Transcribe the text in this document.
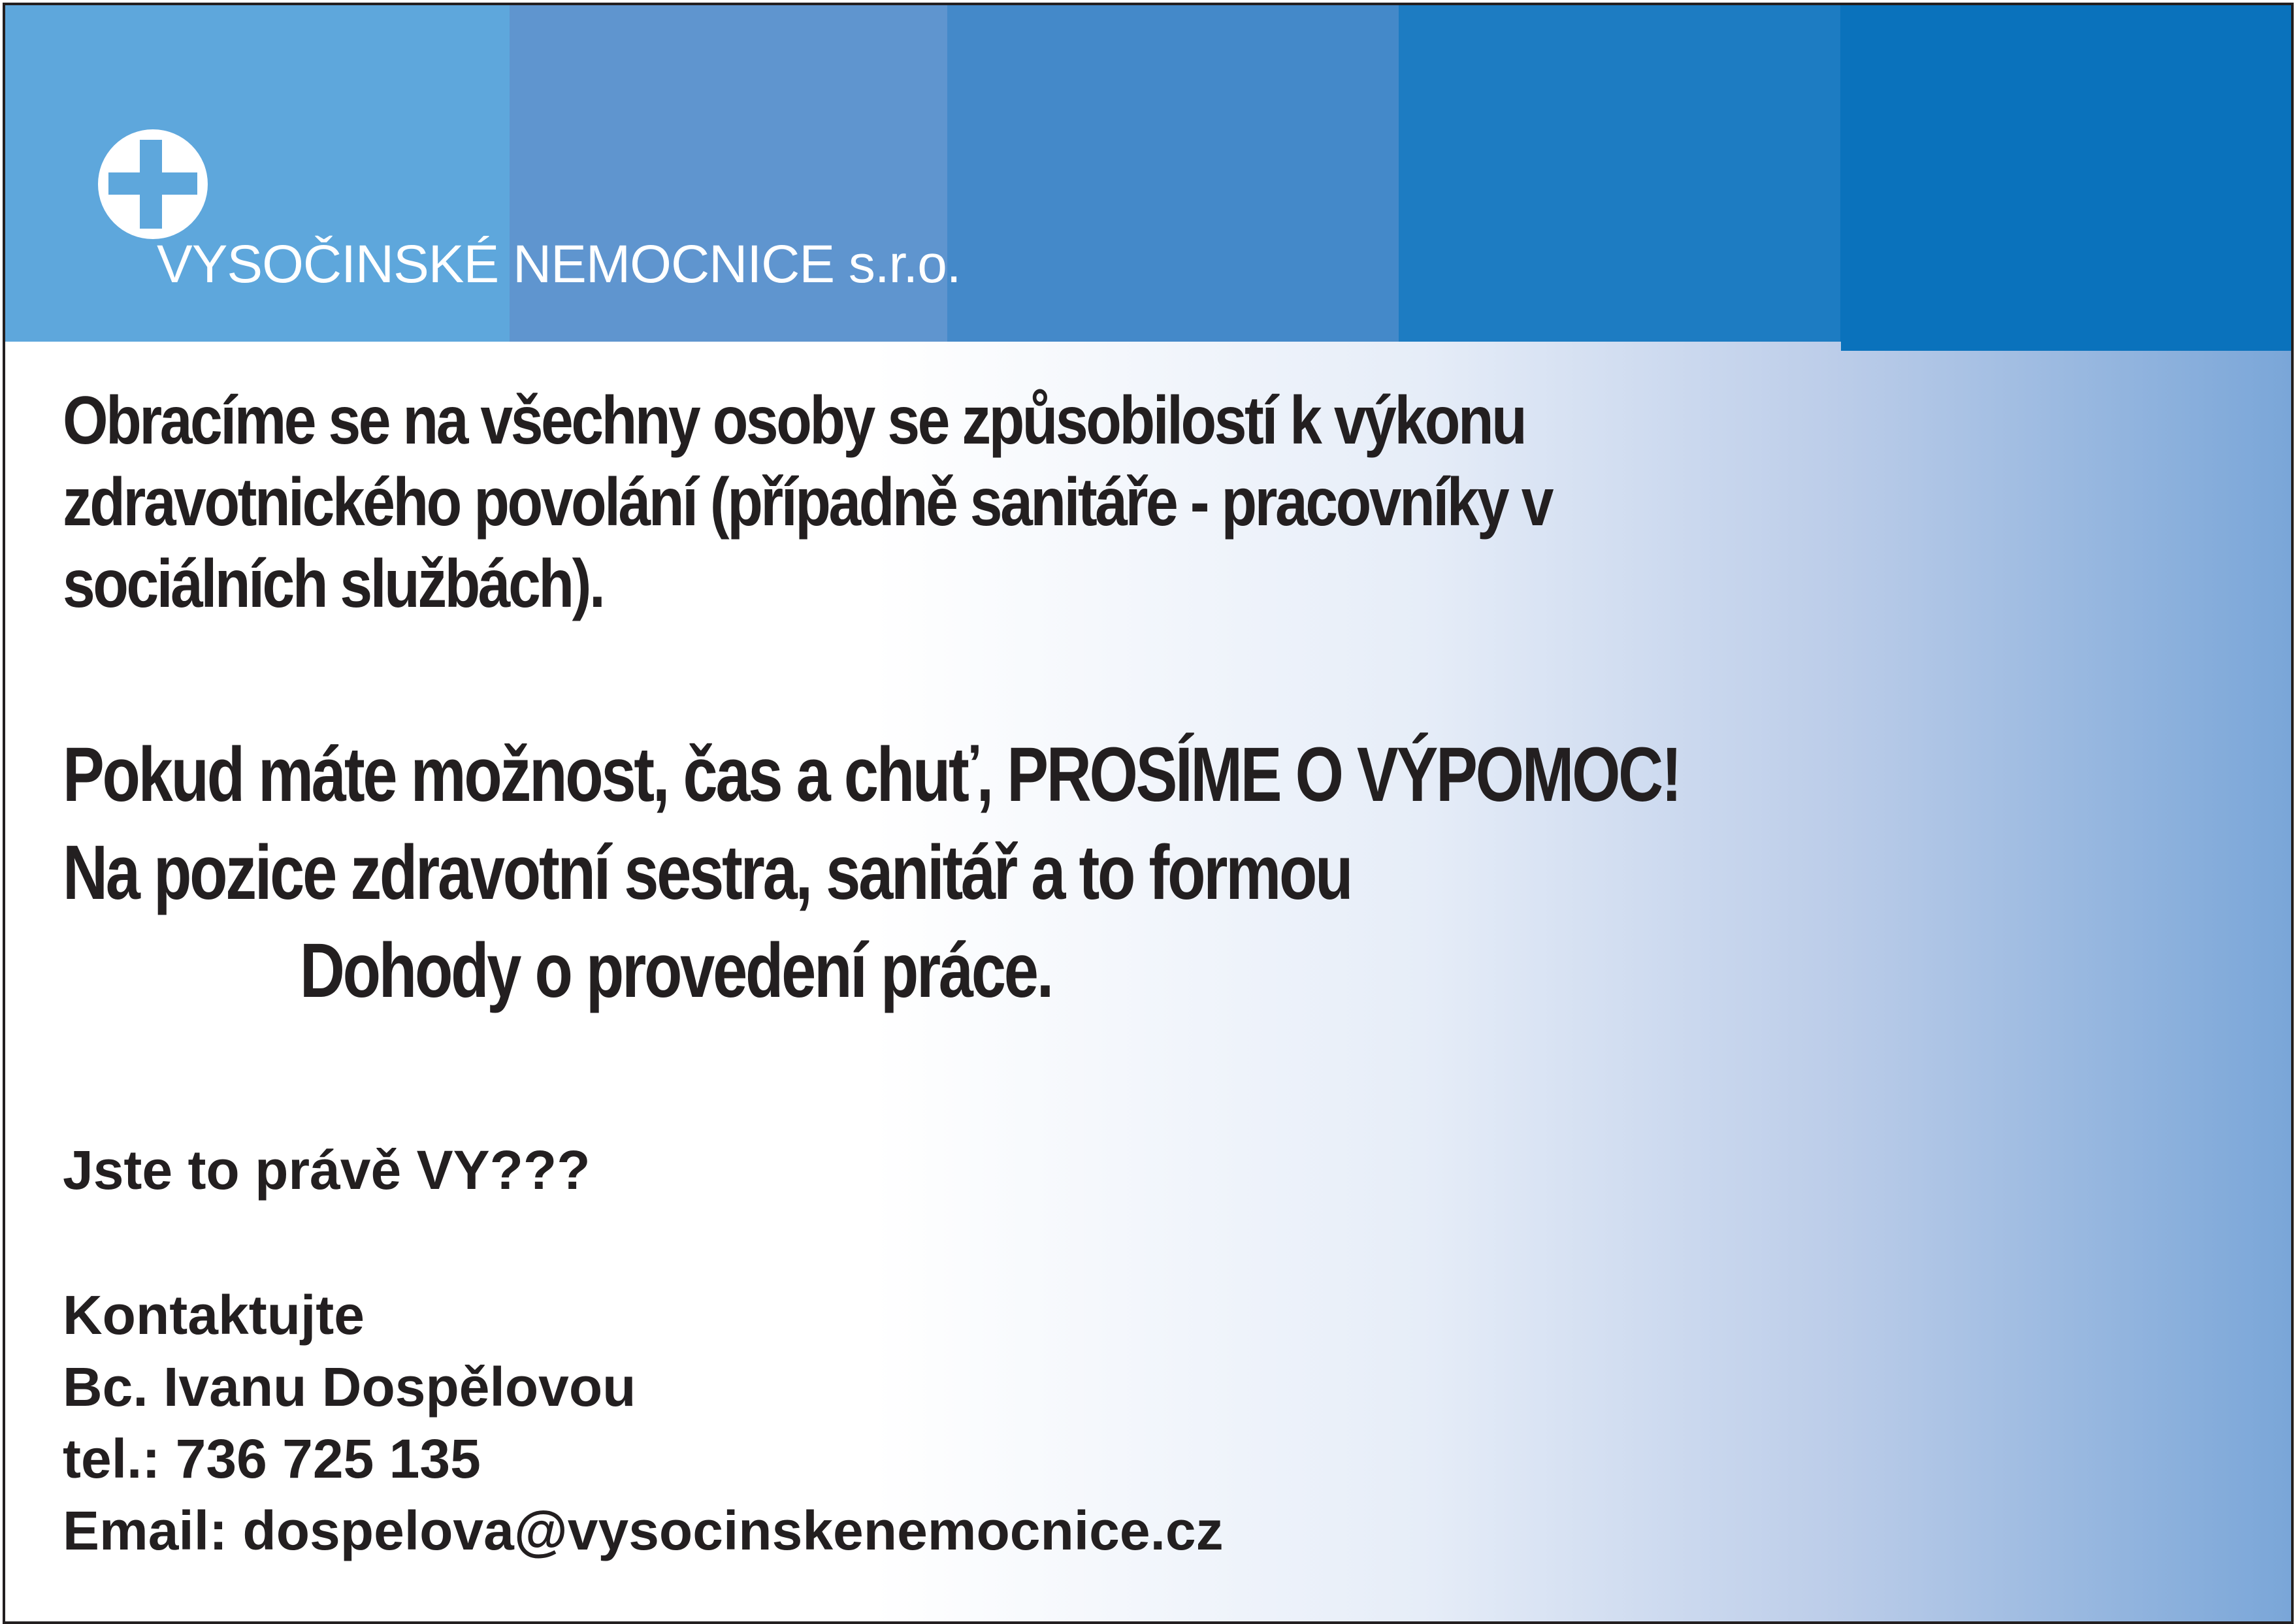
VYSOČINSKÉ NEMOCNICE s.r.o.

Obracíme se na všechny osoby se způsobilostí k výkonu
zdravotnického povolání (případně sanitáře - pracovníky v
sociálních službách).

Pokud máte možnost, čas a chuť, PROSÍME O VÝPOMOC!
Na pozice zdravotní sestra, sanitář a to formou
Dohody o provedení práce.

Jste to právě VY???

Kontaktujte
Bc. Ivanu Dospělovou
tel.: 736 725 135
Email: dospelova@vysocinskenemocnice.cz
